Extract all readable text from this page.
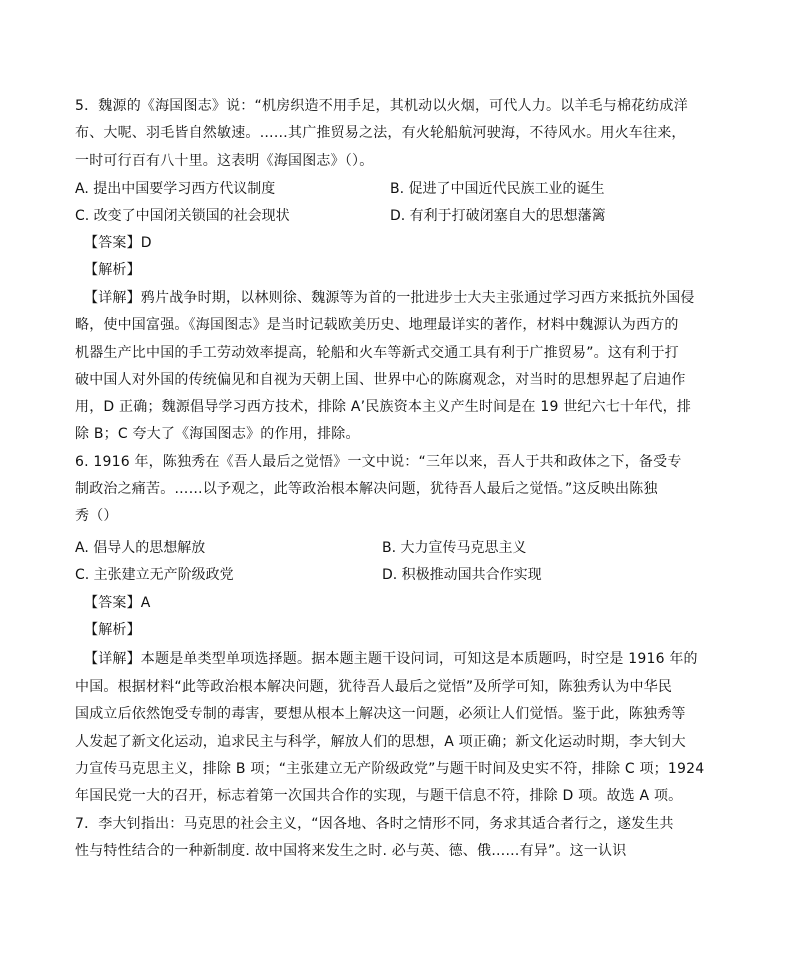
5．魏源的《海国图志》说：“机房织造不用手足，其机动以火烟，可代人力。以羊毛与棉花纺成洋
布、大呢、羽毛皆自然敏速。……其广推贸易之法，有火轮船航河驶海，不待风水。用火车往来，
一时可行百有八十里。这表明《海国图志》（）。
A. 提出中国要学习西方代议制度	B. 促进了中国近代民族工业的诞生
C. 改变了中国闭关锁国的社会现状	D. 有利于打破闭塞自大的思想藩篱
【答案】D
【解析】
【详解】鸦片战争时期，以林则徐、魏源等为首的一批进步士大夫主张通过学习西方来抵抗外国侵
略，使中国富强。《海国图志》是当时记载欧美历史、地理最详实的著作，材料中魏源认为西方的
机器生产比中国的手工劳动效率提高，轮船和火车等新式交通工具有利于广推贸易”。这有利于打
破中国人对外国的传统偏见和自视为天朝上国、世界中心的陈腐观念，对当时的思想界起了启迪作
用，D 正确；魏源倡导学习西方技术，排除 A’民族资本主义产生时间是在 19 世纪六七十年代，排
除 B；C 夸大了《海国图志》的作用，排除。
6. 1916 年，陈独秀在《吾人最后之觉悟》一文中说：“三年以来，吾人于共和政体之下，备受专
制政治之痛苦。……以予观之，此等政治根本解决问题，犹待吾人最后之觉悟。”这反映出陈独
秀（）
A. 倡导人的思想解放	B. 大力宣传马克思主义
C. 主张建立无产阶级政党	D. 积极推动国共合作实现
【答案】A
【解析】
【详解】本题是单类型单项选择题。据本题主题干设问词，可知这是本质题吗，时空是 1916 年的
中国。根据材料“此等政治根本解决问题，犹待吾人最后之觉悟”及所学可知，陈独秀认为中华民
国成立后依然饱受专制的毒害，要想从根本上解决这一问题，必须让人们觉悟。鉴于此，陈独秀等
人发起了新文化运动，追求民主与科学，解放人们的思想，A 项正确；新文化运动时期，李大钊大
力宣传马克思主义，排除 B 项；“主张建立无产阶级政党”与题干时间及史实不符，排除 C 项；1924
年国民党一大的召开，标志着第一次国共合作的实现，与题干信息不符，排除 D 项。故选 A 项。
7．李大钊指出：马克思的社会主义，“因各地、各时之情形不同，务求其适合者行之，遂发生共
性与特性结合的一种新制度. 故中国将来发生之时. 必与英、德、俄……有异”。这一认识
